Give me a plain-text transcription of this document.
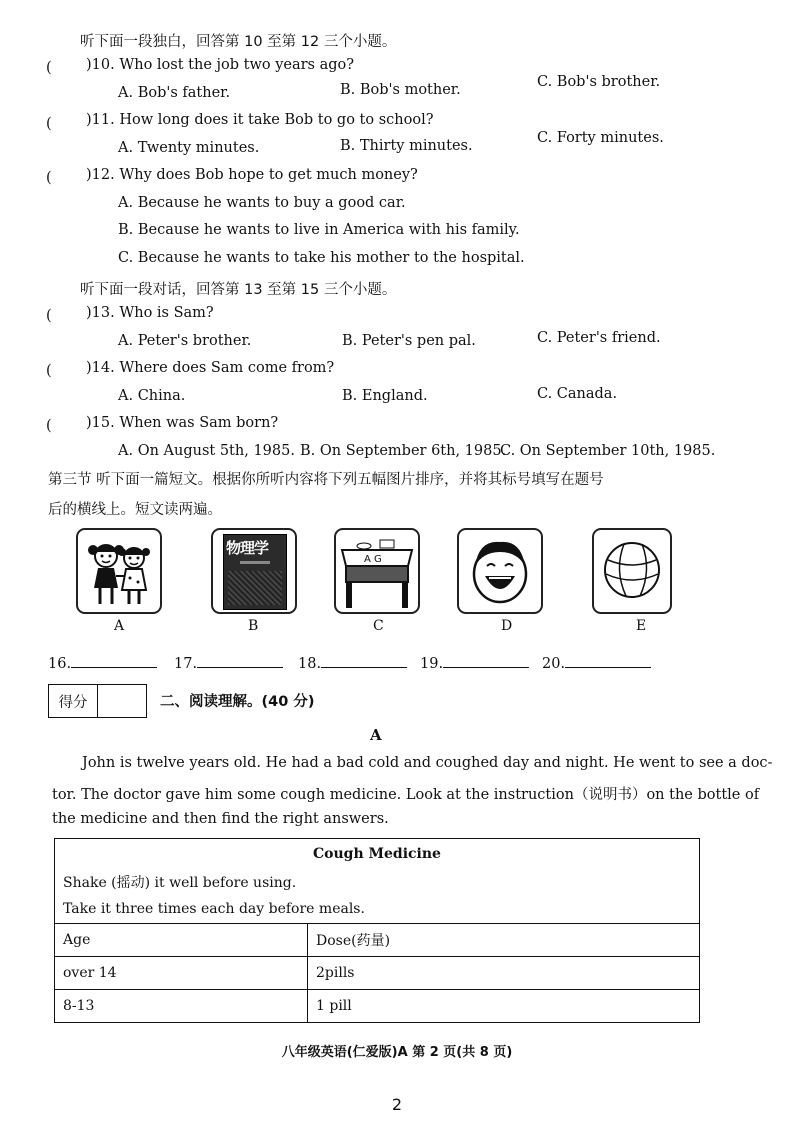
听下面一段独白，回答第 10 至第 12 三个小题。
( )10. Who lost the job two years ago?
A. Bob's father.	B. Bob's mother.	C. Bob's brother.
( )11. How long does it take Bob to go to school?
A. Twenty minutes.	B. Thirty minutes.	C. Forty minutes.
( )12. Why does Bob hope to get much money?
A. Because he wants to buy a good car.
B. Because he wants to live in America with his family.
C. Because he wants to take his mother to the hospital.
听下面一段对话，回答第 13 至第 15 三个小题。
( )13. Who is Sam?
A. Peter's brother.	B. Peter's pen pal.	C. Peter's friend.
( )14. Where does Sam come from?
A. China.	B. England.	C. Canada.
( )15. When was Sam born?
A. On August 5th, 1985. B. On September 6th, 1985.
C. On September 10th, 1985.
第三节 听下面一篇短文。根据你所听内容将下列五幅图片排序，并将其标号填写在题号
后的横线上。短文读两遍。
物理学
A G
A	B	C	D	E
16.	17.	18.	19.	20.
得分	二、阅读理解。(40 分)
A
John is twelve years old. He had a bad cold and coughed day and night. He went to see a doc-
tor. The doctor gave him some cough medicine. Look at the instruction（说明书）on the bottle of
the medicine and then find the right answers.
Cough Medicine	
Shake (摇动) it well before using.	
Take it three times each day before meals.	
Age	Dose(药量)
over 14	2pills
8-13	1 pill
八年级英语(仁爱版)A 第 2 页(共 8 页)
2
